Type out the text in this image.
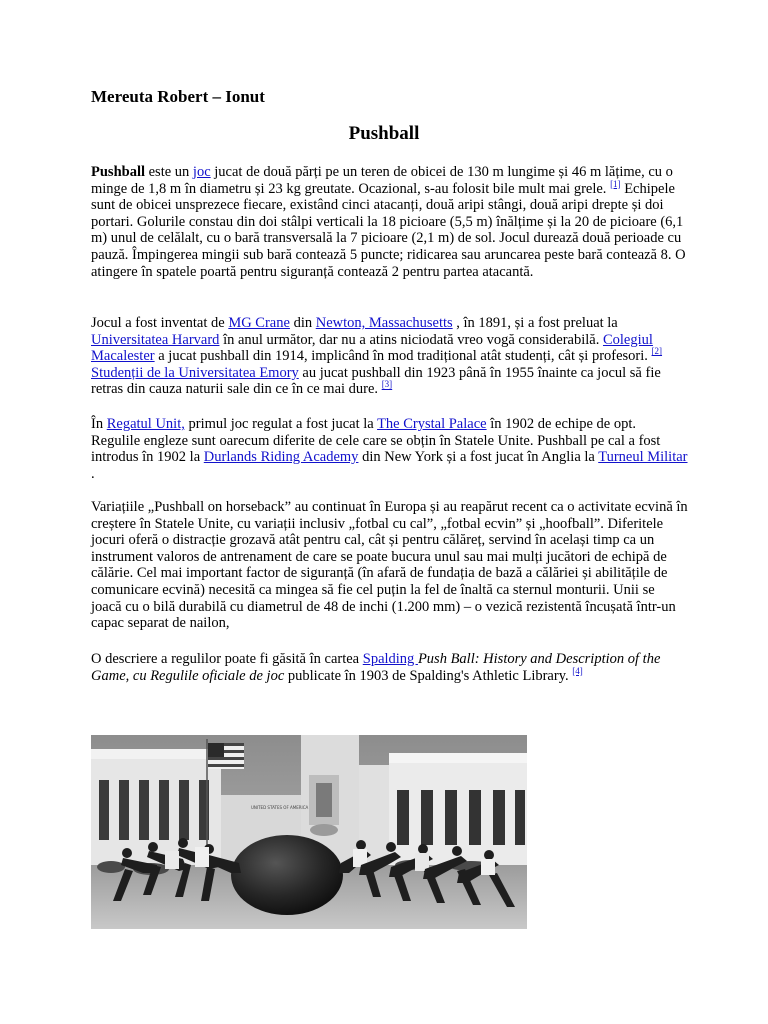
Mereuta Robert – Ionut

Pushball

Pushball este un joc jucat de două părți pe un teren de obicei de 130 m lungime și 46 m lățime, cu o minge de 1,8 m în diametru și 23 kg greutate. Ocazional, s-au folosit bile mult mai grele. [1] Echipele sunt de obicei unsprezece fiecare, existând cinci atacanți, două aripi stângi, două aripi drepte și doi portari. Golurile constau din doi stâlpi verticali la 18 picioare (5,5 m) înălțime și la 20 de picioare (6,1 m) unul de celălalt, cu o bară transversală la 7 picioare (2,1 m) de sol. Jocul durează două perioade cu pauză. Împingerea mingii sub bară contează 5 puncte; ridicarea sau aruncarea peste bară contează 8. O atingere în spatele poartă pentru siguranță contează 2 pentru partea atacantă.

Jocul a fost inventat de MG Crane din Newton, Massachusetts , în 1891, și a fost preluat la Universitatea Harvard în anul următor, dar nu a atins niciodată vreo vogă considerabilă. Colegiul Macalester a jucat pushball din 1914, implicând în mod tradițional atât studenți, cât și profesori. [2] Studenții de la Universitatea Emory au jucat pushball din 1923 până în 1955 înainte ca jocul să fie retras din cauza naturii sale din ce în ce mai dure. [3]

În Regatul Unit, primul joc regulat a fost jucat la The Crystal Palace în 1902 de echipe de opt. Regulile engleze sunt oarecum diferite de cele care se obțin în Statele Unite. Pushball pe cal a fost introdus în 1902 la Durlands Riding Academy din New York și a fost jucat în Anglia la Turneul Militar .

Variațiile „Pushball on horseback” au continuat în Europa și au reapărut recent ca o activitate ecvină în creștere în Statele Unite, cu variații inclusiv „fotbal cu cal”, „fotbal ecvin” și „hoofball”. Diferitele jocuri oferă o distracție grozavă atât pentru cal, cât și pentru călăreț, servind în același timp ca un instrument valoros de antrenament de care se poate bucura unul sau mai mulți jucători de echipă de călărie. Cel mai important factor de siguranță (în afară de fundația de bază a călăriei și abilitățile de comunicare ecvină) necesită ca mingea să fie cel puțin la fel de înaltă ca sternul monturii. Unii se joacă cu o bilă durabilă cu diametrul de 48 de inchi (1.200 mm) – o vezică rezistentă încușată într-un capac separat de nailon,

O descriere a regulilor poate fi găsită în cartea Spalding Push Ball: History and Description of the Game, cu Regulile oficiale de joc publicate în 1903 de Spalding's Athletic Library. [4]

UNITED STATES OF AMERICA
